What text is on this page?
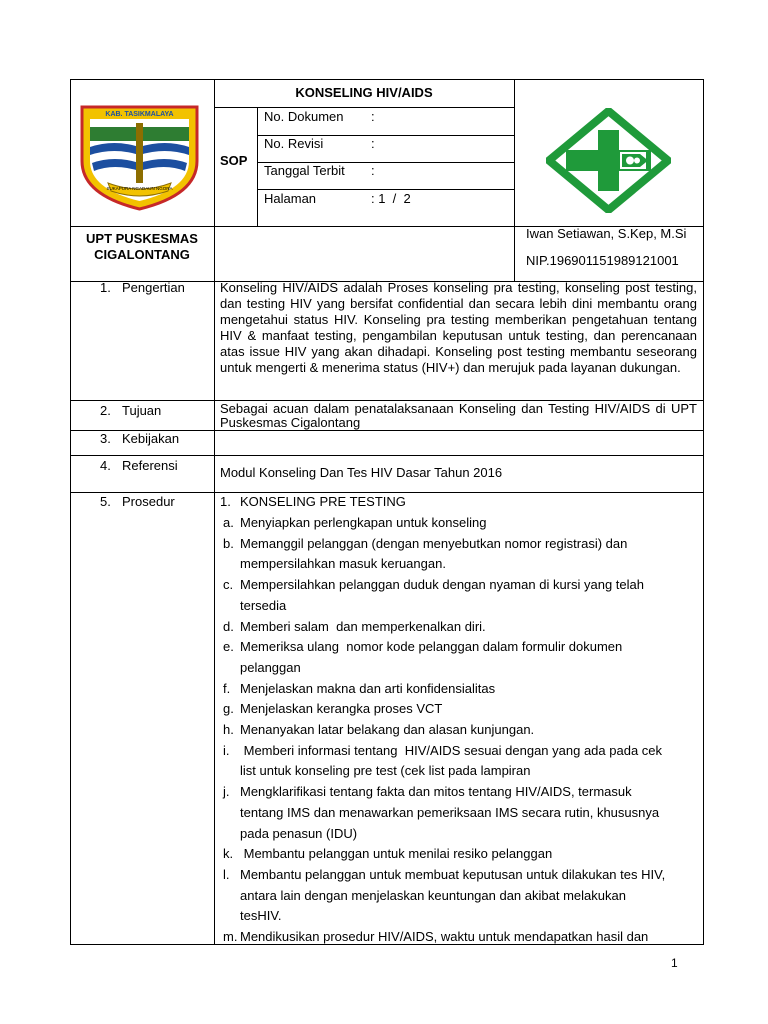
KAB. TASIKMALAYA
SUKAPURA NGADAUN NGORA
KONSELING HIV/AIDS
SOP
No. Dokumen :
No. Revisi	:
Tanggal Terbit :
Halaman	: 1  /  2
UPT PUSKESMAS
CIGALONTANG
Iwan Setiawan, S.Kep, M.Si
NIP.196901151989121001
1. Pengertian	Konseling HIV/AIDS adalah Proses konseling pra testing, konseling post testing, dan testing HIV yang bersifat confidential dan secara lebih dini membantu orang mengetahui status HIV. Konseling pra testing memberikan pengetahuan tentang HIV & manfaat testing, pengambilan keputusan untuk testing, dan perencanaan atas issue HIV yang akan dihadapi. Konseling post testing membantu seseorang untuk mengerti & menerima status (HIV+) dan merujuk pada layanan dukungan.
2. Tujuan	Sebagai acuan dalam penatalaksanaan Konseling dan Testing HIV/AIDS di UPT Puskesmas Cigalontang
3. Kebijakan
4. Referensi	Modul Konseling Dan Tes HIV Dasar Tahun 2016
5. Prosedur	1. KONSELING PRE TESTING
a. Menyiapkan perlengkapan untuk konseling
b. Memanggil pelanggan (dengan menyebutkan nomor registrasi) dan
mempersilahkan masuk keruangan.
c. Mempersilahkan pelanggan duduk dengan nyaman di kursi yang telah
tersedia
d. Memberi salam  dan memperkenalkan diri.
e. Memeriksa ulang  nomor kode pelanggan dalam formulir dokumen
pelanggan
f. Menjelaskan makna dan arti konfidensialitas
g. Menjelaskan kerangka proses VCT
h. Menanyakan latar belakang dan alasan kunjungan.
i. Memberi informasi tentang  HIV/AIDS sesuai dengan yang ada pada cek
list untuk konseling pre test (cek list pada lampiran
j. Mengklarifikasi tentang fakta dan mitos tentang HIV/AIDS, termasuk
tentang IMS dan menawarkan pemeriksaan IMS secara rutin, khususnya
pada penasun (IDU)
k. Membantu pelanggan untuk menilai resiko pelanggan
l. Membantu pelanggan untuk membuat keputusan untuk dilakukan tes HIV,
antara lain dengan menjelaskan keuntungan dan akibat melakukan
tesHIV.
m. Mendikusikan prosedur HIV/AIDS, waktu untuk mendapatkan hasil dan
1
